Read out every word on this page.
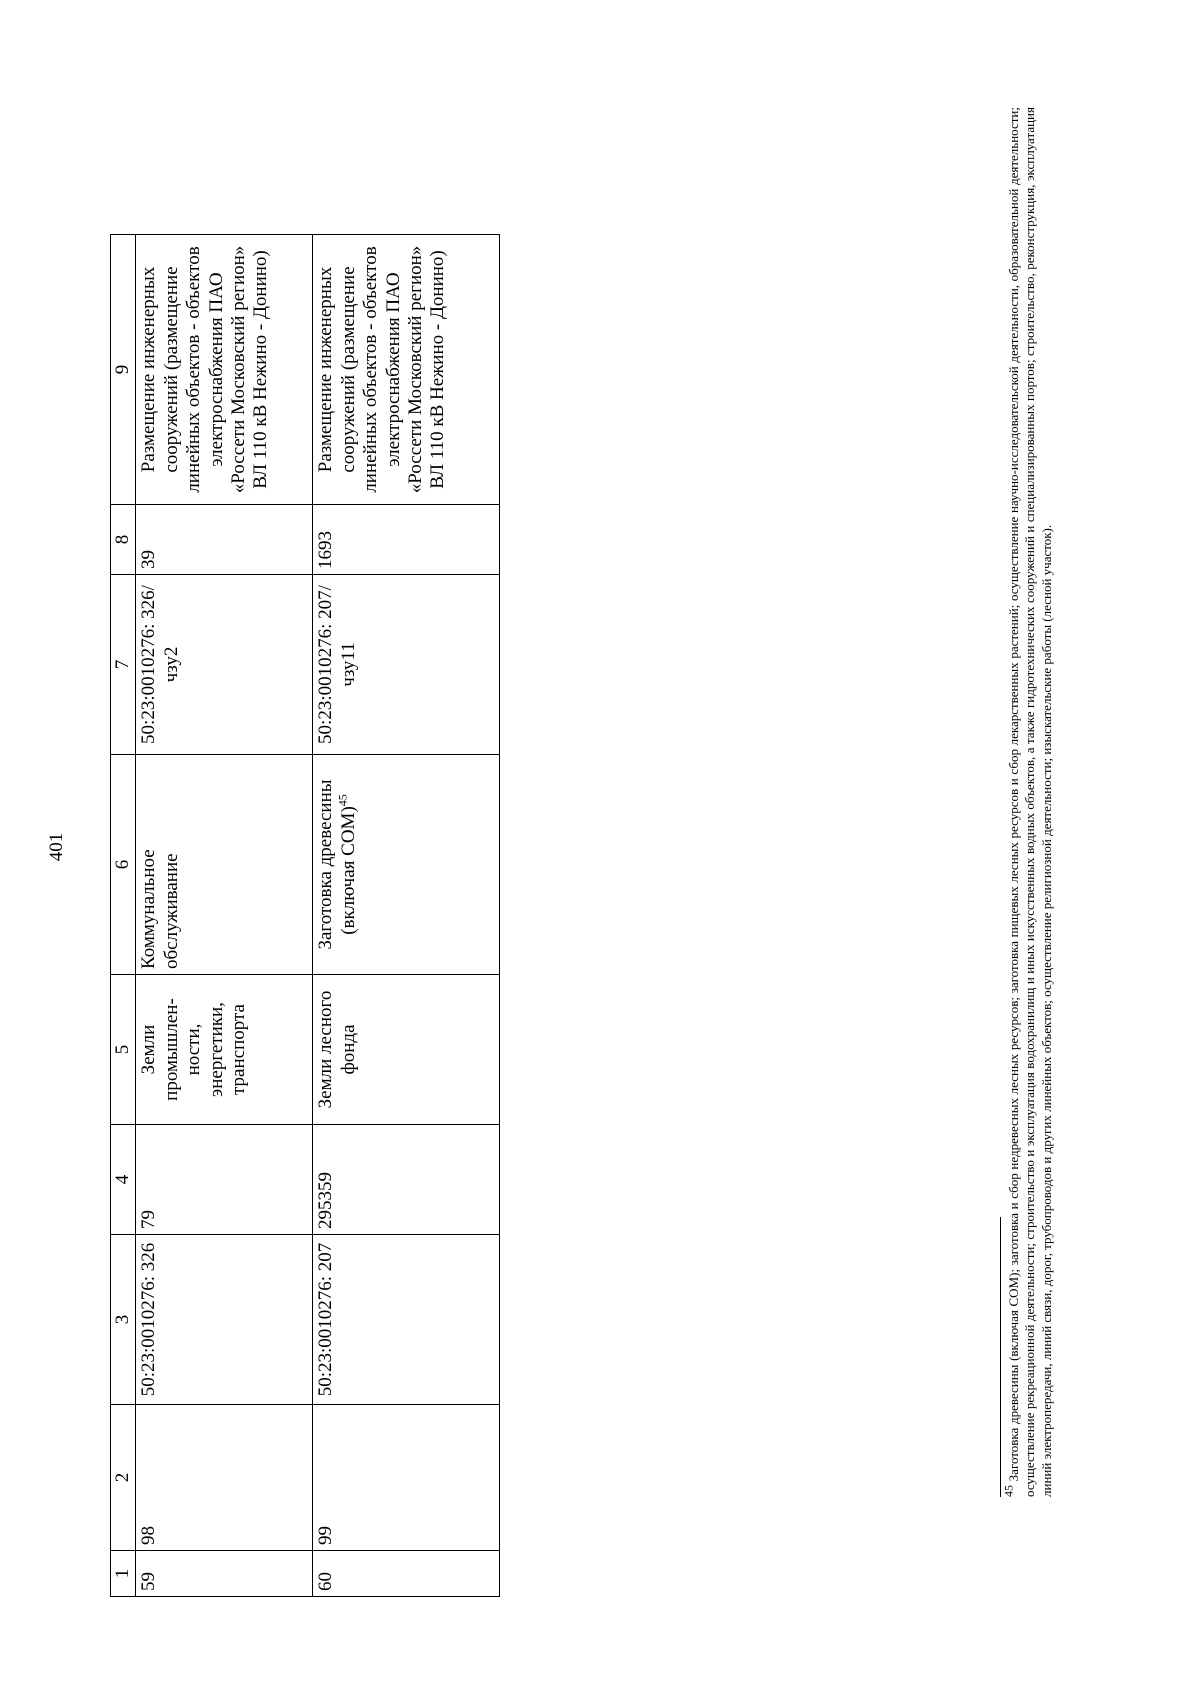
401
1	2	3	4	5	6	7	8	9
59	98	50:23:0010276: 326	79	Земли промышлен- ности, энергетики, транспорта	Коммунальное обслуживание	50:23:0010276: 326/чзу2	39	Размещение инженерных сооружений (размещение линейных объектов - объектов электроснабжения ПАО «Россети Московский регион» ВЛ 110 кВ Нежино - Донино)
60	99	50:23:0010276: 207	295359	Земли лесного фонда	Заготовка древесины (включая СОМ)$^{45}$	50:23:0010276: 207/чзу11	1693	Размещение инженерных сооружений (размещение линейных объектов - объектов электроснабжения ПАО «Россети Московский регион» ВЛ 110 кВ Нежино - Донино)
$^{45}$ Заготовка древесины (включая СОМ); заготовка и сбор недревесных лесных ресурсов; заготовка пищевых лесных ресурсов и сбор лекарственных растений; осуществление научно-исследовательской деятельности, образовательной деятельности; осуществление рекреационной деятельности; строительство и эксплуатация водохранилищ и иных искусственных водных объектов, а также гидротехнических сооружений и специализированных портов; строительство, реконструкция, эксплуатация линий электропередачи, линий связи, дорог, трубопроводов и других линейных объектов; осуществление религиозной деятельности; изыскательские работы (лесной участок).
